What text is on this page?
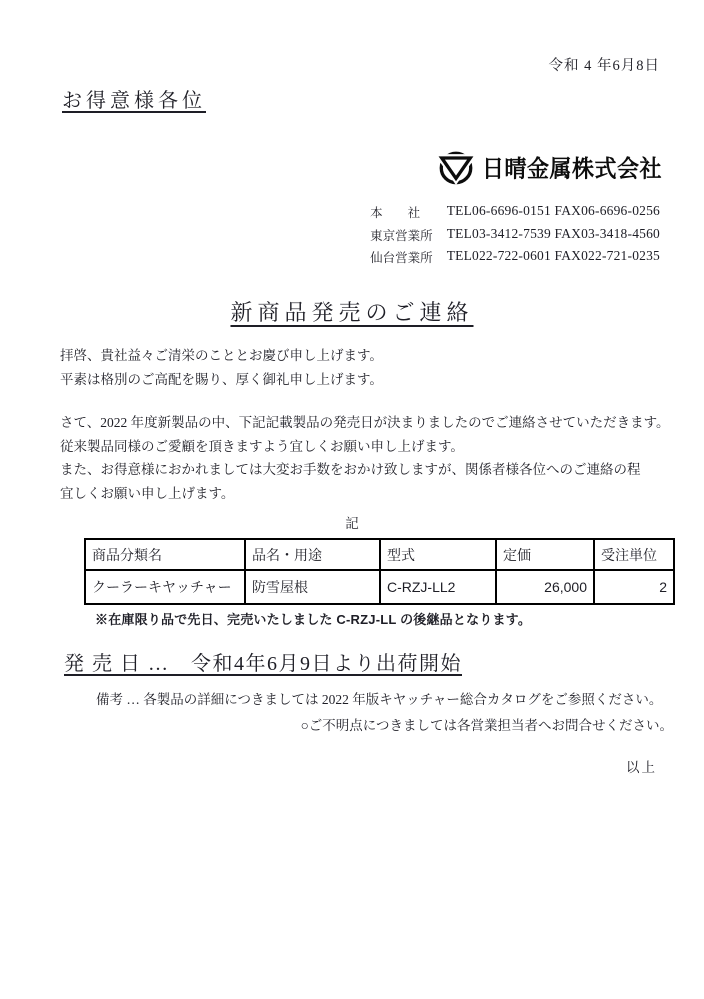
令和 4 年6月8日
お得意様各位
日晴金属株式会社
本　　社	TEL06-6696-0151 FAX06-6696-0256
東京営業所 TEL03-3412-7539 FAX03-3418-4560
仙台営業所 TEL022-722-0601 FAX022-721-0235
新商品発売のご連絡
拝啓、貴社益々ご清栄のこととお慶び申し上げます。
平素は格別のご高配を賜り、厚く御礼申し上げます。
さて、2022 年度新製品の中、下記記載製品の発売日が決まりましたのでご連絡させていただきます。
従来製品同様のご愛顧を頂きますよう宜しくお願い申し上げます。
また、お得意様におかれましては大変お手数をおかけ致しますが、関係者様各位へのご連絡の程
宜しくお願い申し上げます。
記
商品分類名	品名・用途	型式	定価	受注単位
クーラーキヤッチャー	防雪屋根	C-RZJ-LL2	26,000	2
※在庫限り品で先日、完売いたしました C-RZJ-LL の後継品となります。
発 売 日 …　令和4年6月9日より出荷開始
備考 … 各製品の詳細につきましては 2022 年版キヤッチャー総合カタログをご参照ください。
○ご不明点につきましては各営業担当者へお問合せください。
以上
